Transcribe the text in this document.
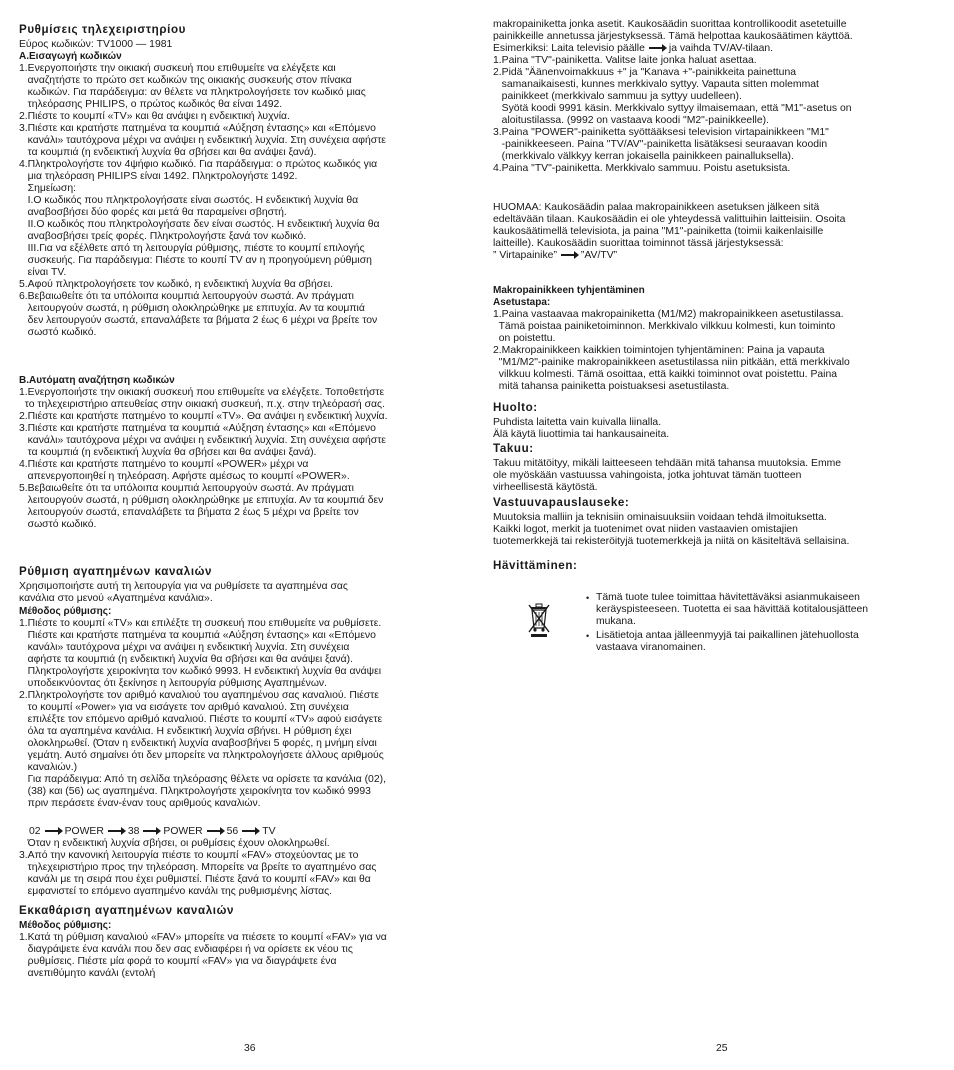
Ρυθμίσεις τηλεχειριστηρίου
Εύρος κωδικών: TV1000 — 1981
A.Εισαγωγή κωδικών
1.Ενεργοποιήστε την οικιακή συσκευή που επιθυμείτε να ελέγξετε και
αναζητήστε το πρώτο σετ κωδικών της οικιακής συσκευής στον πίνακα
κωδικών. Για παράδειγμα: αν θέλετε να πληκτρολογήσετε τον κωδικό μιας
τηλεόρασης PHILIPS, ο πρώτος κωδικός θα είναι 1492.
2.Πιέστε το κουμπί «TV» και θα ανάψει η ενδεικτική λυχνία.
3.Πιέστε και κρατήστε πατημένα τα κουμπιά «Αύξηση έντασης» και «Επόμενο
κανάλι» ταυτόχρονα μέχρι να ανάψει η ενδεικτική λυχνία. Στη συνέχεια αφήστε
τα κουμπιά (η ενδεικτική λυχνία θα σβήσει και θα ανάψει ξανά).
4.Πληκτρολογήστε τον 4ψήφιο κωδικό. Για παράδειγμα: ο πρώτος κωδικός για
μια τηλεόραση PHILIPS είναι 1492. Πληκτρολογήστε 1492.
Σημείωση:
I.Ο κωδικός που πληκτρολογήσατε είναι σωστός. Η ενδεικτική λυχνία θα
αναβοσβήσει δύο φορές και μετά θα παραμείνει σβηστή.
II.Ο κωδικός που πληκτρολογήσατε δεν είναι σωστός. Η ενδεικτική λυχνία θα
αναβοσβήσει τρείς φορές. Πληκτρολογήστε ξανά τον κωδικό.
III.Για να εξέλθετε από τη λειτουργία ρύθμισης, πιέστε το κουμπί επιλογής
συσκευής. Για παράδειγμα: Πιέστε το κουπί TV αν η προηγούμενη ρύθμιση
είναι TV.
5.Αφού πληκτρολογήσετε τον κωδικό, η ενδεικτική λυχνία θα σβήσει.
6.Βεβαιωθείτε ότι τα υπόλοιπα κουμπιά λειτουργούν σωστά. Αν πράγματι
λειτουργούν σωστά, η ρύθμιση ολοκληρώθηκε με επιτυχία. Αν τα κουμπιά
δεν λειτουργούν σωστά, επαναλάβετε τα βήματα 2 έως 6 μέχρι να βρείτε τον
σωστό κωδικό.
B.Αυτόματη αναζήτηση κωδικών
1.Ενεργοποιήστε την οικιακή συσκευή που επιθυμείτε να ελέγξετε. Τοποθετήστε
το τηλεχειριστήριο απευθείας στην οικιακή συσκευή, π.χ. στην τηλεόρασή σας.
2.Πιέστε και κρατήστε πατημένο το κουμπί «TV». Θα ανάψει η ενδεικτική λυχνία.
3.Πιέστε και κρατήστε πατημένα τα κουμπιά «Αύξηση έντασης» και «Επόμενο
κανάλι» ταυτόχρονα μέχρι να ανάψει η ενδεικτική λυχνία. Στη συνέχεια αφήστε
τα κουμπιά (η ενδεικτική λυχνία θα σβήσει και θα ανάψει ξανά).
4.Πιέστε και κρατήστε πατημένο το κουμπί «POWER» μέχρι να
απενεργοποιηθεί η τηλεόραση. Αφήστε αμέσως το κουμπί «POWER».
5.Βεβαιωθείτε ότι τα υπόλοιπα κουμπιά λειτουργούν σωστά. Αν πράγματι
λειτουργούν σωστά, η ρύθμιση ολοκληρώθηκε με επιτυχία. Αν τα κουμπιά δεν
λειτουργούν σωστά, επαναλάβετε τα βήματα 2 έως 5 μέχρι να βρείτε τον
σωστό κωδικό.
Ρύθμιση αγαπημένων καναλιών
Χρησιμοποιήστε αυτή τη λειτουργία για να ρυθμίσετε τα αγαπημένα σας
κανάλια στο μενού «Αγαπημένα κανάλια».
Μέθοδος ρύθμισης:
1.Πιέστε το κουμπί «TV» και επιλέξτε τη συσκευή που επιθυμείτε να ρυθμίσετε.
Πιέστε και κρατήστε πατημένα τα κουμπιά «Αύξηση έντασης» και «Επόμενο
κανάλι» ταυτόχρονα μέχρι να ανάψει η ενδεικτική λυχνία. Στη συνέχεια
αφήστε τα κουμπιά (η ενδεικτική λυχνία θα σβήσει και θα ανάψει ξανά).
Πληκτρολογήστε χειροκίνητα τον κωδικό 9993. Η ενδεικτική λυχνία θα ανάψει
υποδεικνύοντας ότι ξεκίνησε η λειτουργία ρύθμισης Αγαπημένων.
2.Πληκτρολογήστε τον αριθμό καναλιού του αγαπημένου σας καναλιού. Πιέστε
το κουμπί «Power» για να εισάγετε τον αριθμό καναλιού. Στη συνέχεια
επιλέξτε τον επόμενο αριθμό καναλιού. Πιέστε το κουμπί «TV» αφού εισάγετε
όλα τα αγαπημένα κανάλια. Η ενδεικτική λυχνία σβήνει. Η ρύθμιση έχει
ολοκληρωθεί. (Όταν η ενδεικτική λυχνία αναβοσβήνει 5 φορές, η μνήμη είναι
γεμάτη. Αυτό σημαίνει ότι δεν μπορείτε να πληκτρολογήσετε άλλους αριθμούς
καναλιών.)
Για παράδειγμα: Από τη σελίδα τηλεόρασης θέλετε να ορίσετε τα κανάλια (02),
(38) και (56) ως αγαπημένα. Πληκτρολογήστε χειροκίνητα τον κωδικό 9993
πριν περάσετε έναν-έναν τους αριθμούς καναλιών.
02 POWER 38 POWER 56 TV
Όταν η ενδεικτική λυχνία σβήσει, οι ρυθμίσεις έχουν ολοκληρωθεί.
3.Από την κανονική λειτουργία πιέστε το κουμπί «FAV» στοχεύοντας με το
τηλεχειριστήριο προς την τηλεόραση. Μπορείτε να βρείτε το αγαπημένο σας
κανάλι με τη σειρά που έχει ρυθμιστεί. Πιέστε ξανά το κουμπί «FAV» και θα
εμφανιστεί το επόμενο αγαπημένο κανάλι της ρυθμισμένης λίστας.
Εκκαθάριση αγαπημένων καναλιών
Μέθοδος ρύθμισης:
1.Κατά τη ρύθμιση καναλιού «FAV» μπορείτε να πιέσετε το κουμπί «FAV» για να
διαγράψετε ένα κανάλι που δεν σας ενδιαφέρει ή να ορίσετε εκ νέου τις
ρυθμίσεις. Πιέστε μία φορά το κουμπί «FAV» για να διαγράψετε ένα
ανεπιθύμητο κανάλι (εντολή
36
makropainiketta jonka asetit. Kaukosäädin suorittaa kontrollikoodit asetetuille
painikkeille annetussa järjestyksessä. Tämä helpottaa kaukosäätimen käyttöä.
Esimerkiksi: Laita televisio päälle ja vaihda TV/AV-tilaan.
1.Paina "TV"-painiketta. Valitse laite jonka haluat asettaa.
2.Pidä "Äänenvoimakkuus +" ja "Kanava +"-painikkeita painettuna
samanaikaisesti, kunnes merkkivalo syttyy. Vapauta sitten molemmat
painikkeet (merkkivalo sammuu ja syttyy uudelleen).
Syötä koodi 9991 käsin. Merkkivalo syttyy ilmaisemaan, että "M1"-asetus on
aloitustilassa. (9992 on vastaava koodi "M2"-painikkeelle).
3.Paina "POWER"-painiketta syöttääksesi television virtapainikkeen "M1"
-painikkeeseen. Paina "TV/AV"-painiketta lisätäksesi seuraavan koodin
(merkkivalo välkkyy kerran jokaisella painikkeen painalluksella).
4.Paina "TV"-painiketta. Merkkivalo sammuu. Poistu asetuksista.
HUOMAA: Kaukosäädin palaa makropainikkeen asetuksen jälkeen sitä
edeltävään tilaan. Kaukosäädin ei ole yhteydessä valittuihin laitteisiin. Osoita
kaukosäätimellä televisiota, ja paina "M1"-painiketta (toimii kaikenlaisille
laitteille). Kaukosäädin suorittaa toiminnot tässä järjestyksessä:
” Virtapainike” ”AV/TV”
Makropainikkeen tyhjentäminen
Asetustapa:
1.Paina vastaavaa makropainiketta (M1/M2) makropainikkeen asetustilassa.
Tämä poistaa painiketoiminnon. Merkkivalo vilkkuu kolmesti, kun toiminto
on poistettu.
2.Makropainikkeen kaikkien toimintojen tyhjentäminen: Paina ja vapauta
"M1/M2"-painike makropainikkeen asetustilassa niin pitkään, että merkkivalo
vilkkuu kolmesti. Tämä osoittaa, että kaikki toiminnot ovat poistettu. Paina
mitä tahansa painiketta poistuaksesi asetustilasta.
Huolto:
Puhdista laitetta vain kuivalla liinalla.
Älä käytä liuottimia tai hankausaineita.
Takuu:
Takuu mitätöityy, mikäli laitteeseen tehdään mitä tahansa muutoksia. Emme
ole myöskään vastuussa vahingoista, jotka johtuvat tämän tuotteen
virheellisestä käytöstä.
Vastuuvapauslauseke:
Muutoksia malliin ja teknisiin ominaisuuksiin voidaan tehdä ilmoituksetta.
Kaikki logot, merkit ja tuotenimet ovat niiden vastaavien omistajien
tuotemerkkejä tai rekisteröityjä tuotemerkkejä ja niitä on käsiteltävä sellaisina.
Hävittäminen:
• Tämä tuote tulee toimittaa hävitettäväksi asianmukaiseen
keräyspisteeseen. Tuotetta ei saa hävittää kotitalousjätteen
mukana.
• Lisätietoja antaa jälleenmyyjä tai paikallinen jätehuollosta
vastaava viranomainen.
25
